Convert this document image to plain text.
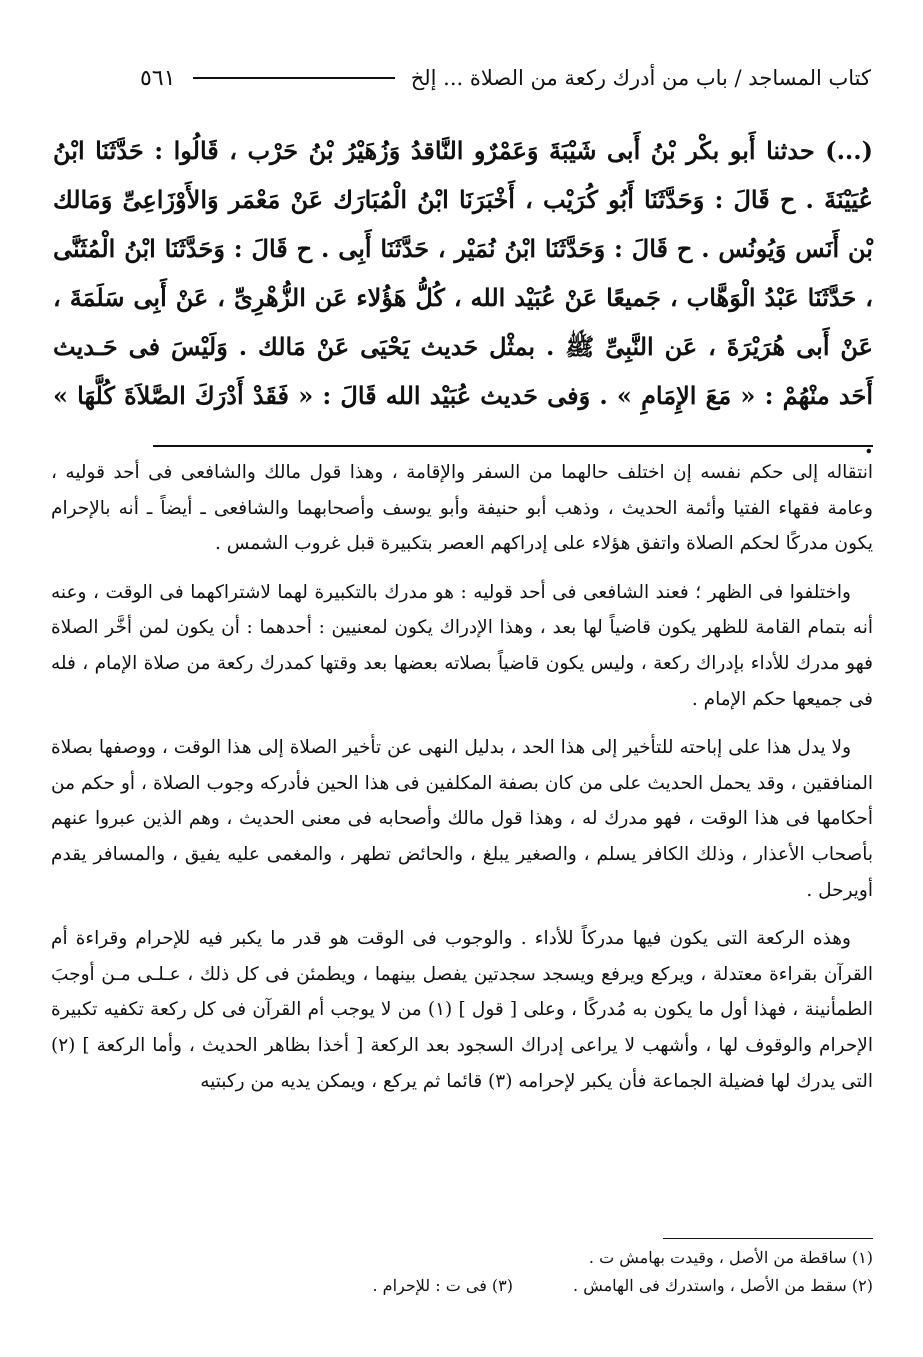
كتاب المساجد / باب من أدرك ركعة من الصلاة ... إلخ
٥٦١

(...) حدثنا أَبو بكْر بْنُ أَبى شَيْبَةَ وَعَمْرٌو النَّاقدُ وَزُهَيْرُ بْنُ حَرْب ، قَالُوا : حَدَّثَنَا ابْنُ عُيَيْنَةَ . ح قَالَ : وَحَدَّثَنَا أَبُو كُرَيْب ، أَخْبَرَنَا ابْنُ الْمُبَارَك عَنْ مَعْمَر وَالأَوْزَاعِىِّ وَمَالك بْن أَنَس وَيُونُس . ح قَالَ : وَحَدَّثَنَا ابْنُ نُمَيْر ، حَدَّثَنَا أَبِى . ح قَالَ : وَحَدَّثَنَا ابْنُ الْمُثَنَّى ، حَدَّثَنَا عَبْدُ الْوَهَّاب ، جَميعًا عَنْ عُبَيْد الله ، كُلُّ هَؤُلاء عَن الزُّهْرِىِّ ، عَنْ أَبِى سَلَمَةَ ، عَنْ أَبى هُرَيْرَةَ ، عَن النَّبِىِّ ﷺ . بمثْل حَديث يَحْيَى عَنْ مَالك . وَلَيْسَ فى حَـديث أَحَد منْهُمْ : « مَعَ الإِمَامِ » . وَفى حَديث عُبَيْد الله قَالَ : « فَقَدْ أَدْرَكَ الصَّلاَةَ كُلَّهَا »

انتقاله إلى حكم نفسه إن اختلف حالهما من السفر والإقامة ، وهذا قول مالك والشافعى فى أحد قوليه ، وعامة فقهاء الفتيا وأئمة الحديث ، وذهب أبو حنيفة وأبو يوسف وأصحابهما والشافعى ـ أيضاً ـ أنه بالإحرام يكون مدركًا لحكم الصلاة واتفق هؤلاء على إدراكهم العصر بتكبيرة قبل غروب الشمس .

واختلفوا فى الظهر ؛ فعند الشافعى فى أحد قوليه : هو مدرك بالتكبيرة لهما لاشتراكهما فى الوقت ، وعنه أنه بتمام القامة للظهر يكون قاضياً لها بعد ، وهذا الإدراك يكون لمعنيين : أحدهما : أن يكون لمن أخَّر الصلاة فهو مدرك للأداء بإدراك ركعة ، وليس يكون قاضياً بصلاته بعضها بعد وقتها كمدرك ركعة من صلاة الإمام ، فله فى جميعها حكم الإمام .

ولا يدل هذا على إباحته للتأخير إلى هذا الحد ، بدليل النهى عن تأخير الصلاة إلى هذا الوقت ، ووصفها بصلاة المنافقين ، وقد يحمل الحديث على من كان بصفة المكلفين فى هذا الحين فأدركه وجوب الصلاة ، أو حكم من أحكامها فى هذا الوقت ، فهو مدرك له ، وهذا قول مالك وأصحابه فى معنى الحديث ، وهم الذين عبروا عنهم بأصحاب الأعذار ، وذلك الكافر يسلم ، والصغير يبلغ ، والحائض تطهر ، والمغمى عليه يفيق ، والمسافر يقدم أويرحل .

وهذه الركعة التى يكون فيها مدركاً للأداء . والوجوب فى الوقت هو قدر ما يكبر فيه للإحرام وقراءة أم القرآن بقراءة معتدلة ، ويركع ويرفع ويسجد سجدتين يفصل بينهما ، ويطمئن فى كل ذلك ، عـلـى مـن أوجبَ الطمأنينة ، فهذا أول ما يكون به مُدركًا ، وعلى [ قول ] (١) من لا يوجب أم القرآن فى كل ركعة تكفيه تكبيرة الإحرام والوقوف لها ، وأشهب لا يراعى إدراك السجود بعد الركعة [ أخذا بظاهر الحديث ، وأما الركعة ] (٢) التى يدرك لها فضيلة الجماعة فأن يكبر لإحرامه (٣) قائما ثم يركع ، ويمكن يديه من ركبتيه

(١) ساقطة من الأصل ، وقيدت بهامش ت .
(٢) سقط من الأصل ، واستدرك فى الهامش .
(٣) فى ت : للإحرام .
